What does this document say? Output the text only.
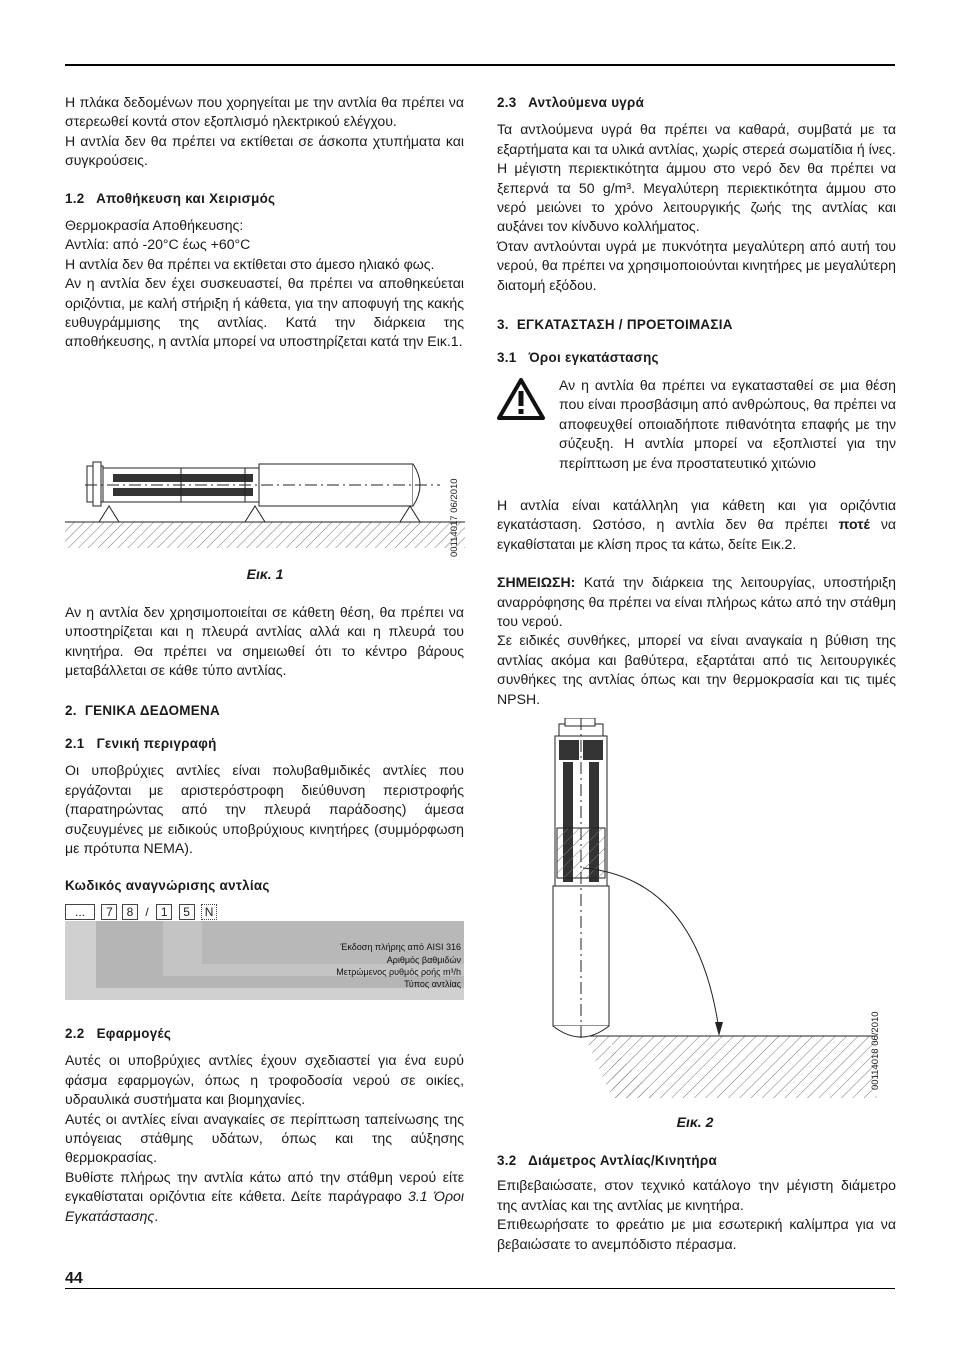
Η πλάκα δεδομένων που χορηγείται με την αντλία θα πρέπει να στερεωθεί κοντά στον εξοπλισμό ηλεκτρικού ελέγχου.

Η αντλία δεν θα πρέπει να εκτίθεται σε άσκοπα χτυπήματα και συγκρούσεις.

1.2 Αποθήκευση και Χειρισμός

Θερμοκρασία Αποθήκευσης:

Αντλία: από -20°C έως +60°C

Η αντλία δεν θα πρέπει να εκτίθεται στο άμεσο ηλιακό φως.

Αν η αντλία δεν έχει συσκευαστεί, θα πρέπει να αποθηκεύεται οριζόντια, με καλή στήριξη ή κάθετα, για την αποφυγή της κακής ευθυγράμμισης της αντλίας. Κατά την διάρκεια της αποθήκευσης, η αντλία μπορεί να υποστηρίζεται κατά την Εικ.1.

00114017 06/2010
Εικ. 1

Αν η αντλία δεν χρησιμοποιείται σε κάθετη θέση, θα πρέπει να υποστηρίζεται και η πλευρά αντλίας αλλά και η πλευρά του κινητήρα. Θα πρέπει να σημειωθεί ότι το κέντρο βάρους μεταβάλλεται σε κάθε τύπο αντλίας.

2. ΓΕΝΙΚΑ ΔΕΔΟΜΕΝΑ
2.1 Γενική περιγραφή

Οι υποβρύχιες αντλίες είναι πολυβαθμιδικές αντλίες που εργάζονται με αριστερόστροφη διεύθυνση περιστροφής (παρατηρώντας από την πλευρά παράδοσης) άμεσα συζευγμένες με ειδικούς υποβρύχιους κινητήρες (συμμόρφωση με πρότυπα NEMA).

Κωδικός αναγνώρισης αντλίας
... 7 8 / 1 5 N
Έκδοση πλήρης από AISI 316
Αριθμός βαθμιδών
Μετρώμενος ρυθμός ροής m³/h
Τύπος αντλίας
2.2 Εφαρμογές

Αυτές οι υποβρύχιες αντλίες έχουν σχεδιαστεί για ένα ευρύ φάσμα εφαρμογών, όπως η τροφοδοσία νερού σε οικίες, υδραυλικά συστήματα και βιομηχανίες.

Αυτές οι αντλίες είναι αναγκαίες σε περίπτωση ταπείνωσης της υπόγειας στάθμης υδάτων, όπως και της αύξησης θερμοκρασίας.

Βυθίστε πλήρως την αντλία κάτω από την στάθμη νερού είτε εγκαθίσταται οριζόντια είτε κάθετα. Δείτε παράγραφο 3.1 Όροι Εγκατάστασης.

44
2.3 Αντλούμενα υγρά

Τα αντλούμενα υγρά θα πρέπει να καθαρά, συμβατά με τα εξαρτήματα και τα υλικά αντλίας, χωρίς στερεά σωματίδια ή ίνες.

Η μέγιστη περιεκτικότητα άμμου στο νερό δεν θα πρέπει να ξεπερνά τα 50 g/m³. Μεγαλύτερη περιεκτικότητα άμμου στο νερό μειώνει το χρόνο λειτουργικής ζωής της αντλίας και αυξάνει τον κίνδυνο κολλήματος.

Όταν αντλούνται υγρά με πυκνότητα μεγαλύτερη από αυτή του νερού, θα πρέπει να χρησιμοποιούνται κινητήρες με μεγαλύτερη διατομή εξόδου.

3. ΕΓΚΑΤΑΣΤΑΣΗ / ΠΡΟΕΤΟΙΜΑΣΙΑ
3.1 Όροι εγκατάστασης

Αν η αντλία θα πρέπει να εγκατασταθεί σε μια θέση που είναι προσβάσιμη από ανθρώπους, θα πρέπει να αποφευχθεί οποιαδήποτε πιθανότητα επαφής με την σύζευξη. Η αντλία μπορεί να εξοπλιστεί για την περίπτωση με ένα προστατευτικό χιτώνιο

Η αντλία είναι κατάλληλη για κάθετη και για οριζόντια εγκατάσταση. Ωστόσο, η αντλία δεν θα πρέπει ποτέ να εγκαθίσταται με κλίση προς τα κάτω, δείτε Εικ.2.

ΣΗΜΕΙΩΣΗ: Κατά την διάρκεια της λειτουργίας, υποστήριξη αναρρόφησης θα πρέπει να είναι πλήρως κάτω από την στάθμη του νερού.

Σε ειδικές συνθήκες, μπορεί να είναι αναγκαία η βύθιση της αντλίας ακόμα και βαθύτερα, εξαρτάται από τις λειτουργικές συνθήκες της αντλίας όπως και την θερμοκρασία και τις τιμές NPSH.

00114018 06/2010
Εικ. 2
3.2 Διάμετρος Αντλίας/Κινητήρα

Επιβεβαιώσατε, στον τεχνικό κατάλογο την μέγιστη διάμετρο της αντλίας και της αντλίας με κινητήρα.

Επιθεωρήσατε το φρεάτιο με μια εσωτερική καλίμπρα για να βεβαιώσατε το ανεμπόδιστο πέρασμα.
